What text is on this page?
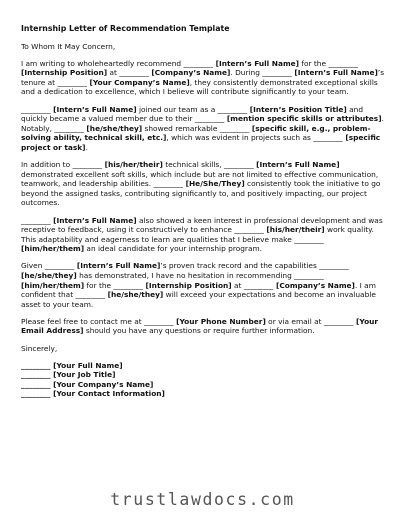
Internship Letter of Recommendation Template
To Whom It May Concern,
I am writing to wholeheartedly recommend ________ [Intern’s Full Name] for the ________ [Internship Position] at ________ [Company’s Name]. During ________ [Intern’s Full Name]’s tenure at ________ [Your Company’s Name], they consistently demonstrated exceptional skills and a dedication to excellence, which I believe will contribute significantly to your team.
________ [Intern’s Full Name] joined our team as a ________ [Intern’s Position Title] and quickly became a valued member due to their ________ [mention specific skills or attributes]. Notably, ________ [he/she/they] showed remarkable ________ [specific skill, e.g., problem-solving ability, technical skill, etc.], which was evident in projects such as ________ [specific project or task].
In addition to ________ [his/her/their] technical skills, ________ [Intern’s Full Name] demonstrated excellent soft skills, which include but are not limited to effective communication, teamwork, and leadership abilities. ________ [He/She/They] consistently took the initiative to go beyond the assigned tasks, contributing significantly to, and positively impacting, our project outcomes.
________ [Intern’s Full Name] also showed a keen interest in professional development and was receptive to feedback, using it constructively to enhance ________ [his/her/their] work quality. This adaptability and eagerness to learn are qualities that I believe make ________ [him/her/them] an ideal candidate for your internship program.
Given ________ [Intern’s Full Name]’s proven track record and the capabilities ________ [he/she/they] has demonstrated, I have no hesitation in recommending ________ [him/her/them] for the ________ [Internship Position] at ________ [Company’s Name]. I am confident that ________ [he/she/they] will exceed your expectations and become an invaluable asset to your team.
Please feel free to contact me at ________ [Your Phone Number] or via email at ________ [Your Email Address] should you have any questions or require further information.
Sincerely,
________ [Your Full Name]
________ [Your Job Title]
________ [Your Company’s Name]
________ [Your Contact Information]
trustlawdocs.com
